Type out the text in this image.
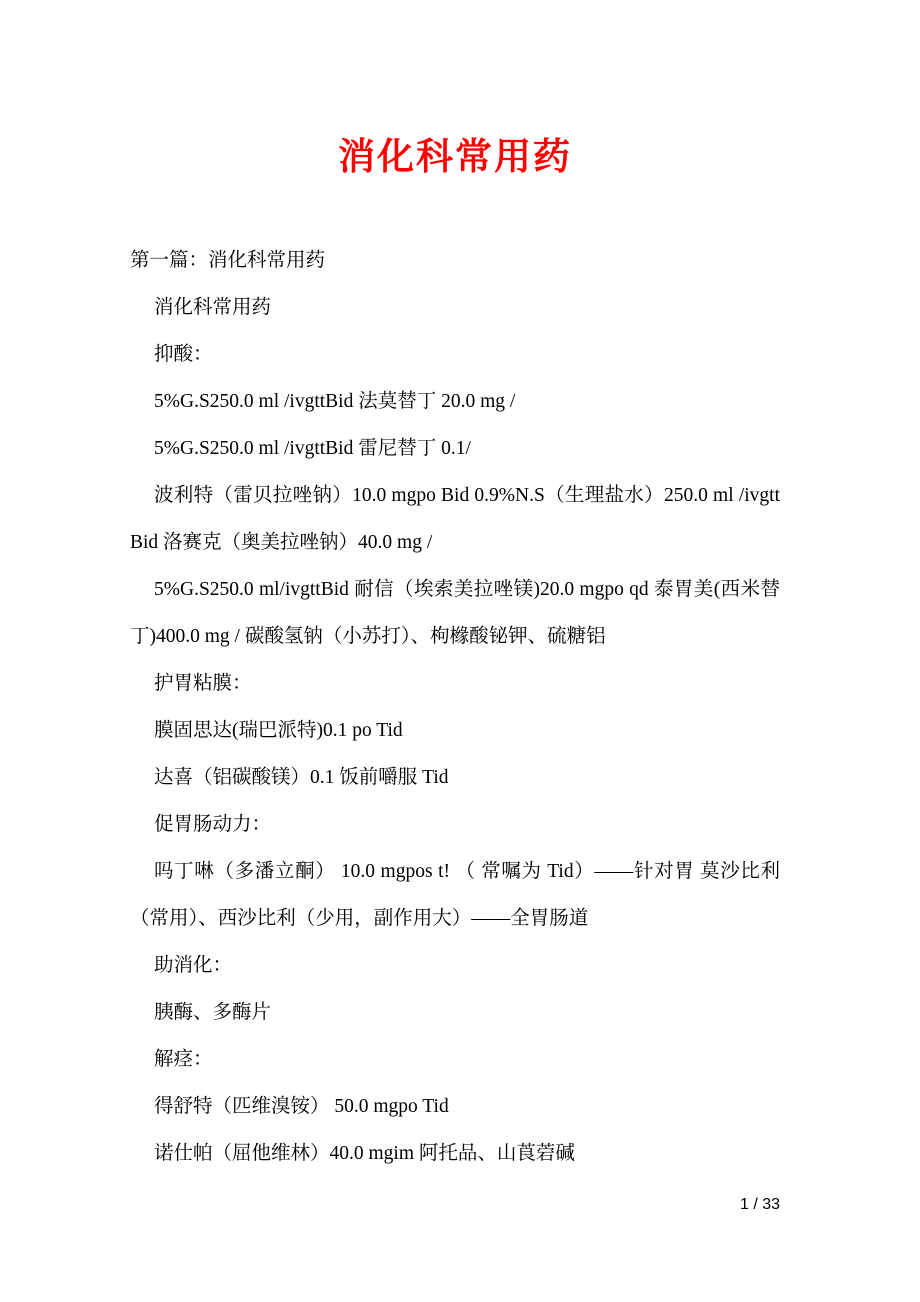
消化科常用药

第一篇：消化科常用药

消化科常用药

抑酸：

5%G.S250.0 ml /ivgttBid 法莫替丁 20.0 mg /

5%G.S250.0 ml /ivgttBid 雷尼替丁 0.1/

波利特（雷贝拉唑钠）10.0 mgpo Bid 0.9%N.S（生理盐水）250.0 ml /ivgtt Bid 洛赛克（奥美拉唑钠）40.0 mg /

5%G.S250.0 ml/ivgttBid 耐信（埃索美拉唑镁)20.0 mgpo qd 泰胃美(西米替丁)400.0 mg / 碳酸氢钠（小苏打）、枸橼酸铋钾、硫糖铝

护胃粘膜：

膜固思达(瑞巴派特)0.1 po Tid

达喜（铝碳酸镁）0.1 饭前嚼服 Tid

促胃肠动力：

吗丁啉（多潘立酮） 10.0 mgpos t! （ 常嘱为 Tid）——针对胃 莫沙比利（常用）、西沙比利（少用，副作用大）——全胃肠道

助消化：

胰酶、多酶片

解痉：

得舒特（匹维溴铵） 50.0 mgpo Tid

诺仕帕（屈他维林）40.0 mgim 阿托品、山莨菪碱

1 / 33
